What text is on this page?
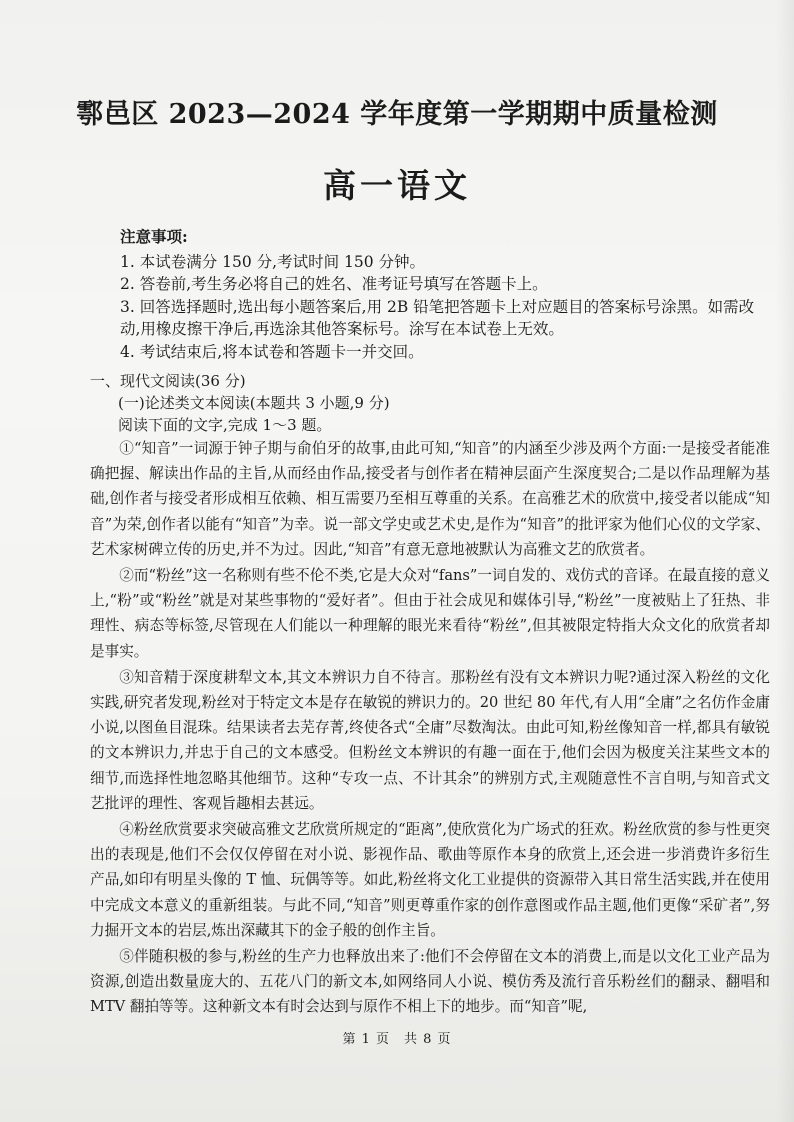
鄠邑区 2023—2024 学年度第一学期期中质量检测
高一语文
注意事项:

1. 本试卷满分 150 分,考试时间 150 分钟。

2. 答卷前,考生务必将自己的姓名、准考证号填写在答题卡上。

3. 回答选择题时,选出每小题答案后,用 2B 铅笔把答题卡上对应题目的答案标号涂黑。如需改动,用橡皮擦干净后,再选涂其他答案标号。涂写在本试卷上无效。

4. 考试结束后,将本试卷和答题卡一并交回。

一、现代文阅读(36 分)

(一)论述类文本阅读(本题共 3 小题,9 分)

阅读下面的文字,完成 1～3 题。

①“知音”一词源于钟子期与俞伯牙的故事,由此可知,“知音”的内涵至少涉及两个方面:一是接受者能准确把握、解读出作品的主旨,从而经由作品,接受者与创作者在精神层面产生深度契合;二是以作品理解为基础,创作者与接受者形成相互依赖、相互需要乃至相互尊重的关系。在高雅艺术的欣赏中,接受者以能成“知音”为荣,创作者以能有“知音”为幸。说一部文学史或艺术史,是作为“知音”的批评家为他们心仪的文学家、艺术家树碑立传的历史,并不为过。因此,“知音”有意无意地被默认为高雅文艺的欣赏者。

②而“粉丝”这一名称则有些不伦不类,它是大众对“fans”一词自发的、戏仿式的音译。在最直接的意义上,“粉”或“粉丝”就是对某些事物的“爱好者”。但由于社会成见和媒体引导,“粉丝”一度被贴上了狂热、非理性、病态等标签,尽管现在人们能以一种理解的眼光来看待“粉丝”,但其被限定特指大众文化的欣赏者却是事实。

③知音精于深度耕犁文本,其文本辨识力自不待言。那粉丝有没有文本辨识力呢?通过深入粉丝的文化实践,研究者发现,粉丝对于特定文本是存在敏锐的辨识力的。20 世纪 80 年代,有人用“全庸”之名仿作金庸小说,以图鱼目混珠。结果读者去芜存菁,终使各式“全庸”尽数淘汰。由此可知,粉丝像知音一样,都具有敏锐的文本辨识力,并忠于自己的文本感受。但粉丝文本辨识的有趣一面在于,他们会因为极度关注某些文本的细节,而选择性地忽略其他细节。这种“专攻一点、不计其余”的辨别方式,主观随意性不言自明,与知音式文艺批评的理性、客观旨趣相去甚远。

④粉丝欣赏要求突破高雅文艺欣赏所规定的“距离”,使欣赏化为广场式的狂欢。粉丝欣赏的参与性更突出的表现是,他们不会仅仅停留在对小说、影视作品、歌曲等原作本身的欣赏上,还会进一步消费许多衍生产品,如印有明星头像的 T 恤、玩偶等等。如此,粉丝将文化工业提供的资源带入其日常生活实践,并在使用中完成文本意义的重新组装。与此不同,“知音”则更尊重作家的创作意图或作品主题,他们更像“采矿者”,努力掘开文本的岩层,炼出深藏其下的金子般的创作主旨。

⑤伴随积极的参与,粉丝的生产力也释放出来了:他们不会停留在文本的消费上,而是以文化工业产品为资源,创造出数量庞大的、五花八门的新文本,如网络同人小说、模仿秀及流行音乐粉丝们的翻录、翻唱和 MTV 翻拍等等。这种新文本有时会达到与原作不相上下的地步。而“知音”呢,

第 1 页　共 8 页
